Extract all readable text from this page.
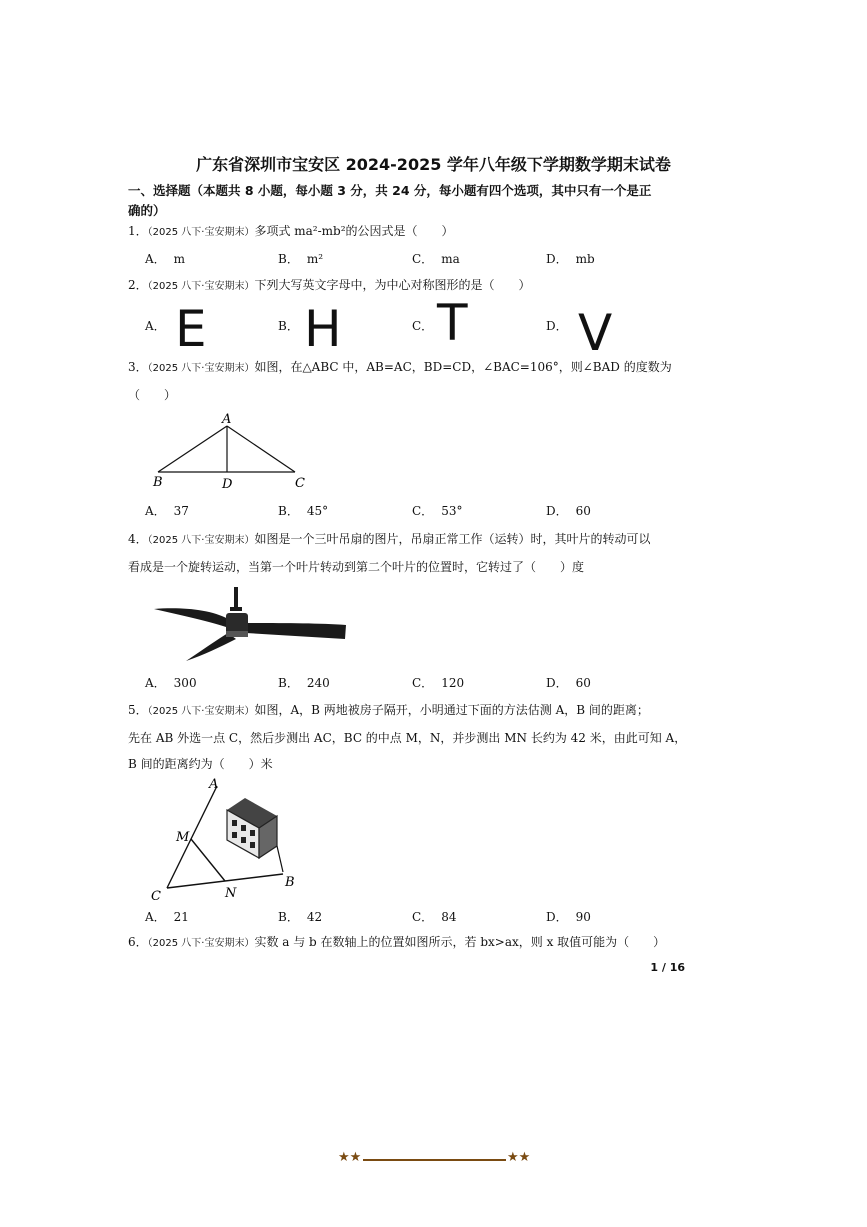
广东省深圳市宝安区 2024-2025 学年八年级下学期数学期末试卷
一、选择题（本题共 8 小题，每小题 3 分，共 24 分，每小题有四个选项，其中只有一个是正
确的）
1．（2025 八下·宝安期末）多项式 ma²-mb²的公因式是（　　）
A． m	B． m²	C． ma	D． mb
2．（2025 八下·宝安期末）下列大写英文字母中，为中心对称图形的是（　　）
A． E	B． H	C． T	D． V
3．（2025 八下·宝安期末）如图，在△ABC 中，AB=AC，BD=CD，∠BAC=106°，则∠BAD 的度数为
（　　）
A
B	D	C
A． 37	B． 45°	C． 53°	D． 60
4．（2025 八下·宝安期末）如图是一个三叶吊扇的图片，吊扇正常工作（运转）时，其叶片的转动可以
看成是一个旋转运动，当第一个叶片转动到第二个叶片的位置时，它转过了（　　）度
A． 300	B． 240	C． 120	D． 60
5．（2025 八下·宝安期末）如图，A，B 两地被房子隔开，小明通过下面的方法估测 A，B 间的距离；
先在 AB 外选一点 C，然后步测出 AC，BC 的中点 M，N，并步测出 MN 长约为 42 米，由此可知 A，
B 间的距离约为（　　）米
A
M
C	N
B
A． 21	B． 42	C． 84	D． 90
6．（2025 八下·宝安期末）实数 a 与 b 在数轴上的位置如图所示，若 bx>ax，则 x 取值可能为（　　）
1 / 16
★★	★★
